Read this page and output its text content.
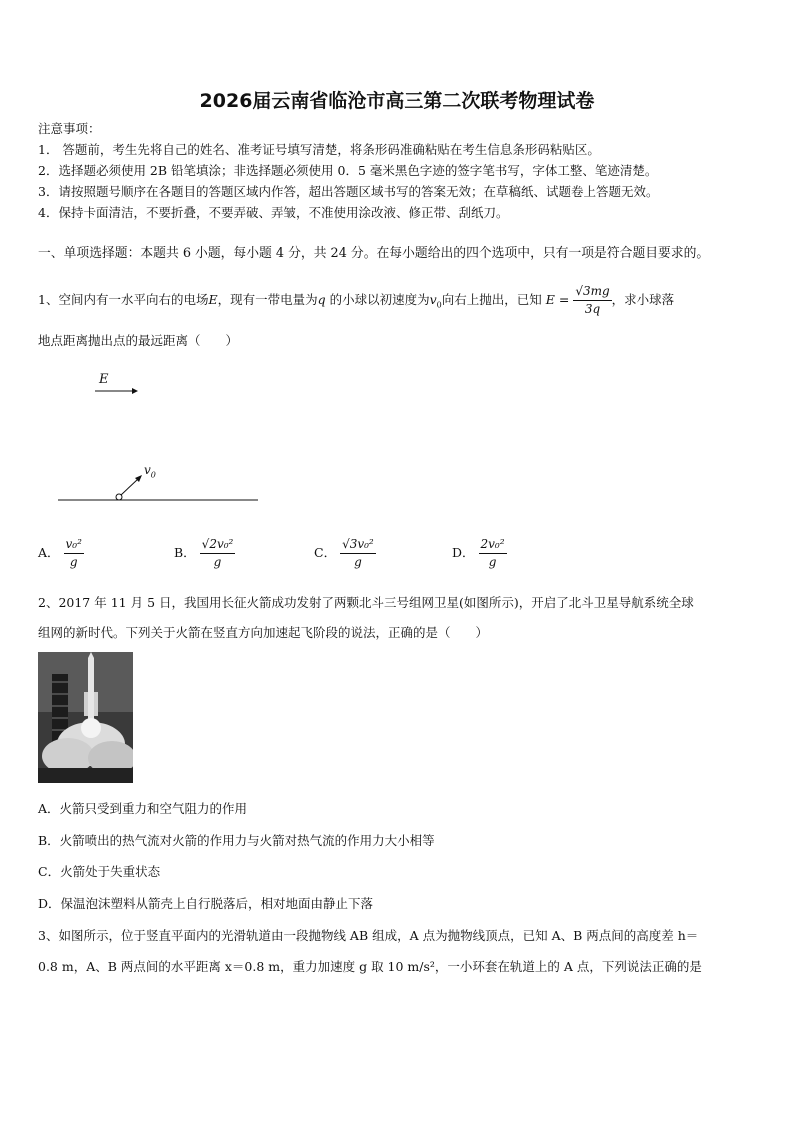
2026届云南省临沧市高三第二次联考物理试卷
注意事项：
1． 答题前，考生先将自己的姓名、准考证号填写清楚，将条形码准确粘贴在考生信息条形码粘贴区。
2．选择题必须使用 2B 铅笔填涂；非选择题必须使用 0．5 毫米黑色字迹的签字笔书写，字体工整、笔迹清楚。
3．请按照题号顺序在各题目的答题区域内作答，超出答题区域书写的答案无效；在草稿纸、试题卷上答题无效。
4．保持卡面清洁，不要折叠，不要弄破、弄皱，不准使用涂改液、修正带、刮纸刀。
一、单项选择题：本题共 6 小题，每小题 4 分，共 24 分。在每小题给出的四个选项中，只有一项是符合题目要求的。
1、空间内有一水平向右的电场E，现有一带电量为q 的小球以初速度为$v_0$向右上抛出，已知 $E = \frac{√3mg}{3q}$ ，求小球落
地点距离抛出点的最远距离（　　）
E
$v_0$
A． $\frac{\text{v₀²}}{g}$	B． $\frac{\text{√2v₀²}}{g}$	C． $\frac{\text{√3v₀²}}{g}$	D． $\frac{\text{2v₀²}}{g}$
2、2017 年 11 月 5 日，我国用长征火箭成功发射了两颗北斗三号组网卫星(如图所示)，开启了北斗卫星导航系统全球
组网的新时代。下列关于火箭在竖直方向加速起飞阶段的说法，正确的是（　　）
A．火箭只受到重力和空气阻力的作用
B．火箭喷出的热气流对火箭的作用力与火箭对热气流的作用力大小相等
C．火箭处于失重状态
D．保温泡沫塑料从箭壳上自行脱落后，相对地面由静止下落
3、如图所示，位于竖直平面内的光滑轨道由一段抛物线 AB 组成，A 点为抛物线顶点，已知 A、B 两点间的高度差 h＝
0.8 m，A、B 两点间的水平距离 x＝0.8 m，重力加速度 g 取 10 m/s²，一小环套在轨道上的 A 点，下列说法正确的是
